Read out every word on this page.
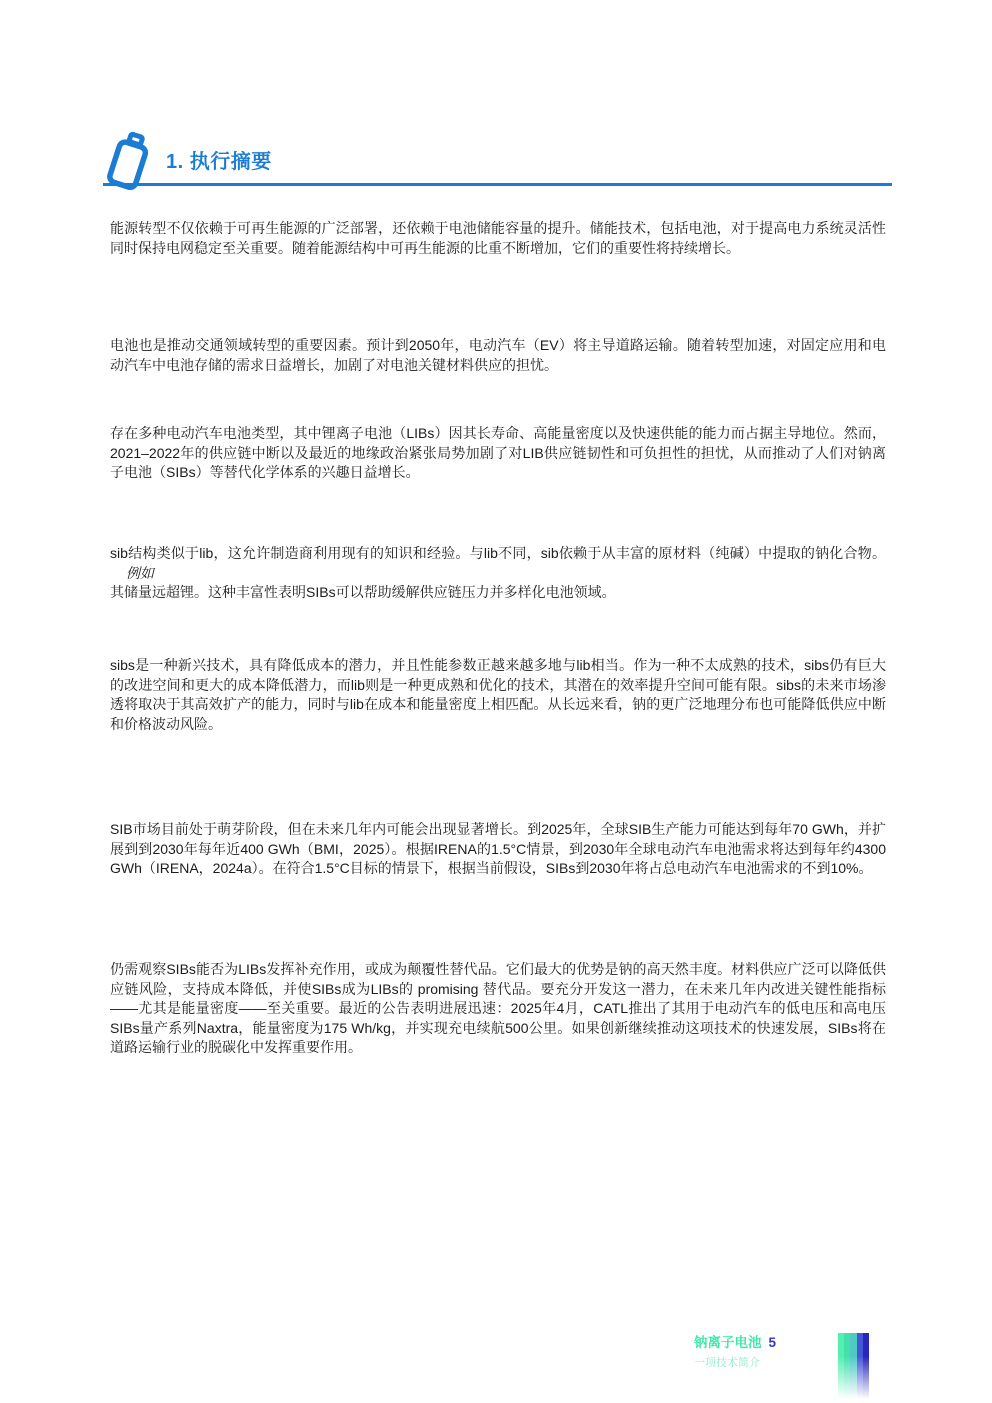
1. 执行摘要

能源转型不仅依赖于可再生能源的广泛部署，还依赖于电池储能容量的提升。储能技术，包括电池，对于提高电力系统灵活性同时保持电网稳定至关重要。随着能源结构中可再生能源的比重不断增加，它们的重要性将持续增长。

电池也是推动交通领域转型的重要因素。预计到2050年，电动汽车（EV）将主导道路运输。随着转型加速，对固定应用和电动汽车中电池存储的需求日益增长，加剧了对电池关键材料供应的担忧。

存在多种电动汽车电池类型，其中锂离子电池（LIBs）因其长寿命、高能量密度以及快速供能的能力而占据主导地位。然而，2021–2022年的供应链中断以及最近的地缘政治紧张局势加剧了对LIB供应链韧性和可负担性的担忧，从而推动了人们对钠离子电池（SIBs）等替代化学体系的兴趣日益增长。

sib结构类似于lib，这允许制造商利用现有的知识和经验。与lib不同，sib依赖于从丰富的原材料（纯碱）中提取的钠化合物。例如
其储量远超锂。这种丰富性表明SIBs可以帮助缓解供应链压力并多样化电池领域。

sibs是一种新兴技术，具有降低成本的潜力，并且性能参数正越来越多地与lib相当。作为一种不太成熟的技术，sibs仍有巨大的改进空间和更大的成本降低潜力，而lib则是一种更成熟和优化的技术，其潜在的效率提升空间可能有限。sibs的未来市场渗透将取决于其高效扩产的能力，同时与lib在成本和能量密度上相匹配。从长远来看，钠的更广泛地理分布也可能降低供应中断和价格波动风险。

SIB市场目前处于萌芽阶段，但在未来几年内可能会出现显著增长。到2025年，全球SIB生产能力可能达到每年70 GWh，并扩展到到2030年每年近400 GWh（BMI，2025）。根据IRENA的1.5°C情景，到2030年全球电动汽车电池需求将达到每年约4300 GWh（IRENA，2024a）。在符合1.5°C目标的情景下，根据当前假设，SIBs到2030年将占总电动汽车电池需求的不到10%。

仍需观察SIBs能否为LIBs发挥补充作用，或成为颠覆性替代品。它们最大的优势是钠的高天然丰度。材料供应广泛可以降低供应链风险，支持成本降低，并使SIBs成为LIBs的 promising 替代品。要充分开发这一潜力，在未来几年内改进关键性能指标——尤其是能量密度——至关重要。最近的公告表明进展迅速：2025年4月，CATL推出了其用于电动汽车的低电压和高电压SIBs量产系列Naxtra，能量密度为175 Wh/kg，并实现充电续航500公里。如果创新继续推动这项技术的快速发展，SIBs将在道路运输行业的脱碳化中发挥重要作用。

钠离子电池 5
一项技术简介
